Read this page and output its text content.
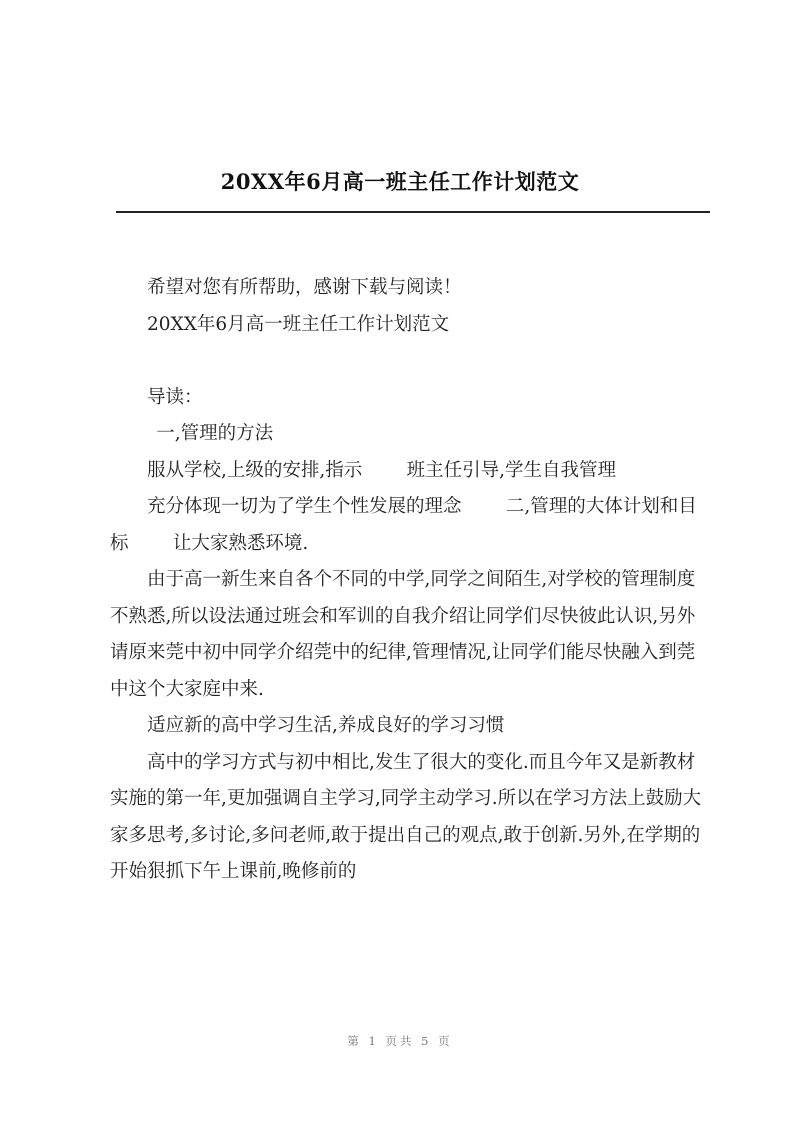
20XX年6月高一班主任工作计划范文

希望对您有所帮助，感谢下载与阅读！

20XX年6月高一班主任工作计划范文

导读：

一,管理的方法

服从学校,上级的安排,指示 班主任引导,学生自我管理

充分体现一切为了学生个性发展的理念 二,管理的大体计划和目标 让大家熟悉环境.

由于高一新生来自各个不同的中学,同学之间陌生,对学校的管理制度不熟悉,所以设法通过班会和军训的自我介绍让同学们尽快彼此认识,另外请原来莞中初中同学介绍莞中的纪律,管理情况,让同学们能尽快融入到莞中这个大家庭中来.

适应新的高中学习生活,养成良好的学习习惯

高中的学习方式与初中相比,发生了很大的变化.而且今年又是新教材实施的第一年,更加强调自主学习,同学主动学习.所以在学习方法上鼓励大家多思考,多讨论,多问老师,敢于提出自己的观点,敢于创新.另外,在学期的开始狠抓下午上课前,晚修前的

第 1 页共 5 页
